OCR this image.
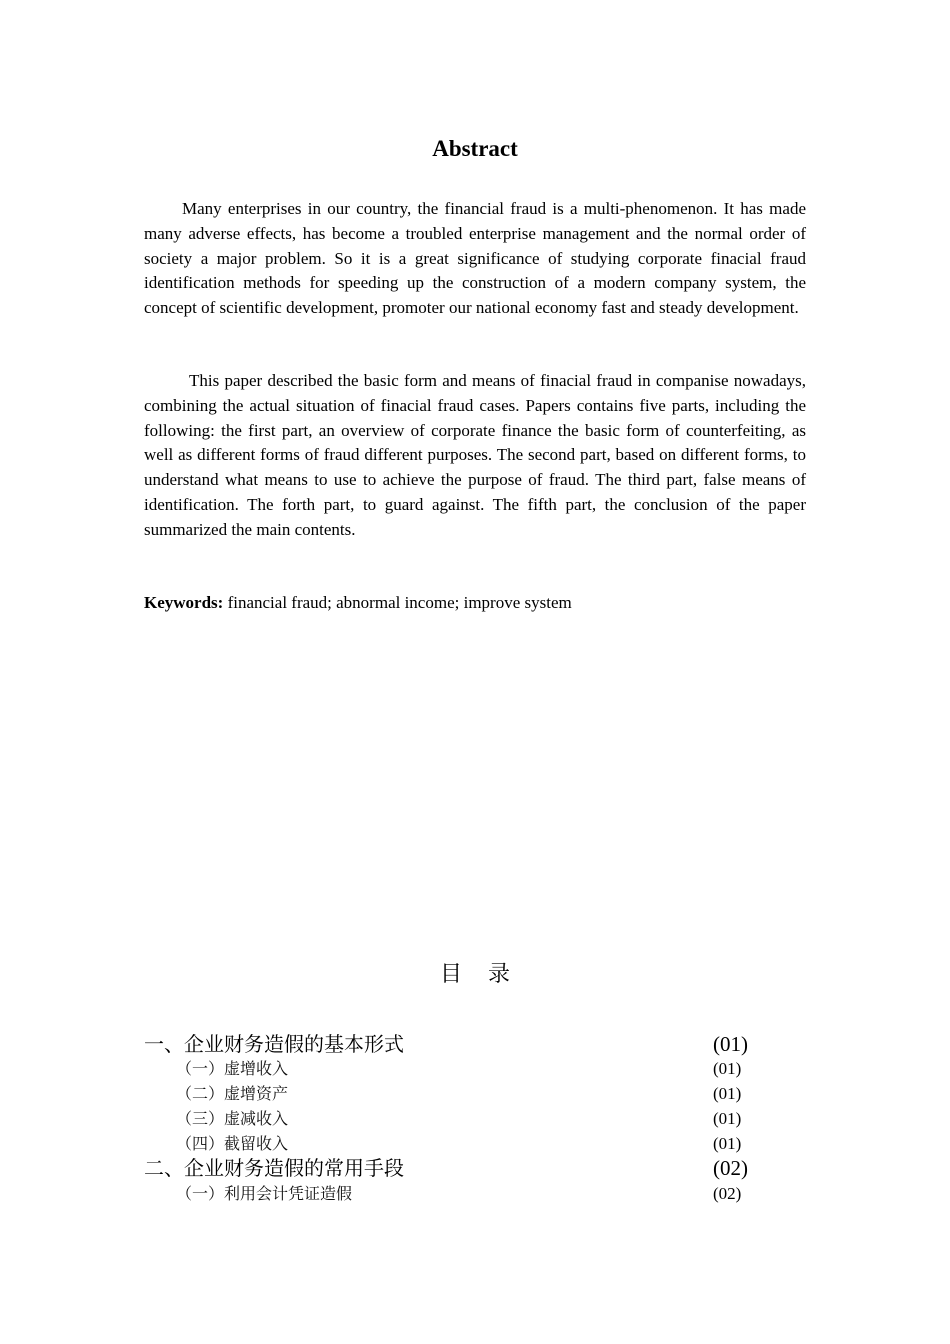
Abstract

Many enterprises in our country, the financial fraud is a multi-phenomenon. It has made many adverse effects, has become a troubled enterprise management and the normal order of society a major problem. So it is a great significance of studying corporate finacial fraud identification methods for speeding up the construction of a modern company system, the concept of scientific development, promoter our national economy fast and steady development.

This paper described the basic form and means of finacial fraud in companise nowadays, combining the actual situation of finacial fraud cases. Papers contains five parts, including the following: the first part, an overview of corporate finance the basic form of counterfeiting, as well as different forms of fraud different purposes. The second part, based on different forms, to understand what means to use to achieve the purpose of fraud. The third part, false means of identification. The forth part, to guard against. The fifth part, the conclusion of the paper summarized the main contents.

Keywords: financial fraud; abnormal income; improve system

目录
一、企业财务造假的基本形式	(01)
（一）虚增收入	(01)
（二）虚增资产	(01)
（三）虚减收入	(01)
（四）截留收入	(01)
二、企业财务造假的常用手段	(02)
（一）利用会计凭证造假	(02)
